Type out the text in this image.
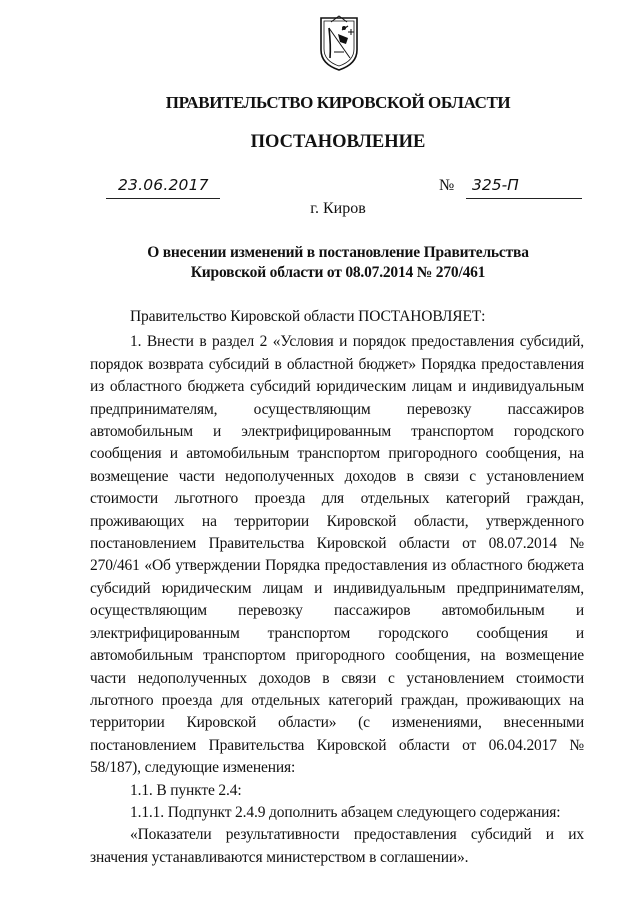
ПРАВИТЕЛЬСТВО КИРОВСКОЙ ОБЛАСТИ
ПОСТАНОВЛЕНИЕ
23.06.2017	№ 325-П
г. Киров
О внесении изменений в постановление Правительства
Кировской области от 08.07.2014 № 270/461

Правительство Кировской области ПОСТАНОВЛЯЕТ:

1. Внести в раздел 2 «Условия и порядок предоставления субсидий, порядок возврата субсидий в областной бюджет» Порядка предоставления из областного бюджета субсидий юридическим лицам и индивидуальным предпринимателям, осуществляющим перевозку пассажиров автомобильным и электрифицированным транспортом городского сообщения и автомобильным транспортом пригородного сообщения, на возмещение части недополученных доходов в связи с установлением стоимости льготного проезда для отдельных категорий граждан, проживающих на территории Кировской области, утвержденного постановлением Правительства Кировской области от 08.07.2014 № 270/461 «Об утверждении Порядка предоставления из областного бюджета субсидий юридическим лицам и индивидуальным предпринимателям, осуществляющим перевозку пассажиров автомобильным и электрифицированным транспортом городского сообщения и автомобильным транспортом пригородного сообщения, на возмещение части недополученных доходов в связи с установлением стоимости льготного проезда для отдельных категорий граждан, проживающих на территории Кировской области» (с изменениями, внесенными постановлением Правительства Кировской области от 06.04.2017 № 58/187), следующие изменения:

1.1. В пункте 2.4:

1.1.1. Подпункт 2.4.9 дополнить абзацем следующего содержания:

«Показатели результативности предоставления субсидий и их значения устанавливаются министерством в соглашении».
